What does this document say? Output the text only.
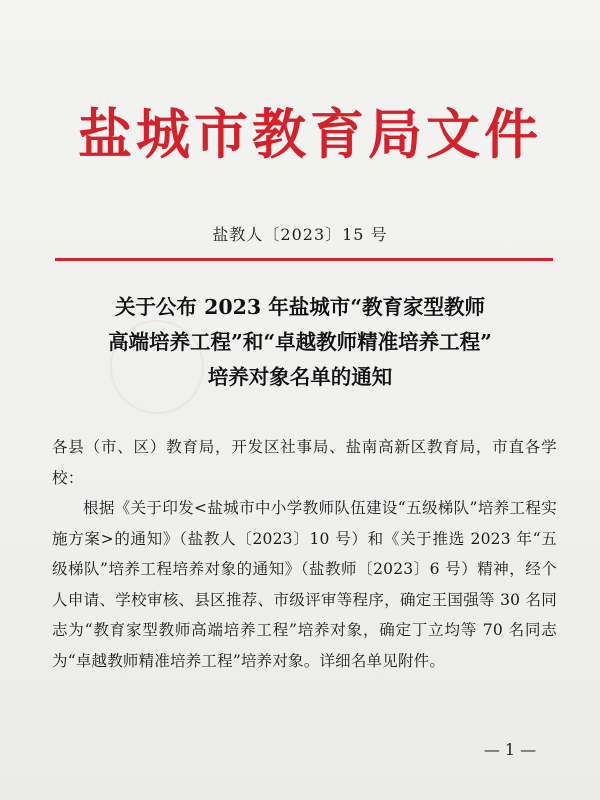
盐城市教育局文件

盐教人〔2023〕15 号

关于公布 2023 年盐城市“教育家型教师
高端培养工程”和“卓越教师精准培养工程”
培养对象名单的通知

各县（市、区）教育局，开发区社事局、盐南高新区教育局，市直各学校：

根据《关于印发<盐城市中小学教师队伍建设“五级梯队”培养工程实施方案>的通知》（盐教人〔2023〕10 号）和《关于推选 2023 年“五级梯队”培养工程培养对象的通知》（盐教师〔2023〕6 号）精神，经个人申请、学校审核、县区推荐、市级评审等程序，确定王国强等 30 名同志为“教育家型教师高端培养工程”培养对象，确定丁立均等 70 名同志为“卓越教师精准培养工程”培养对象。详细名单见附件。

— 1 —
